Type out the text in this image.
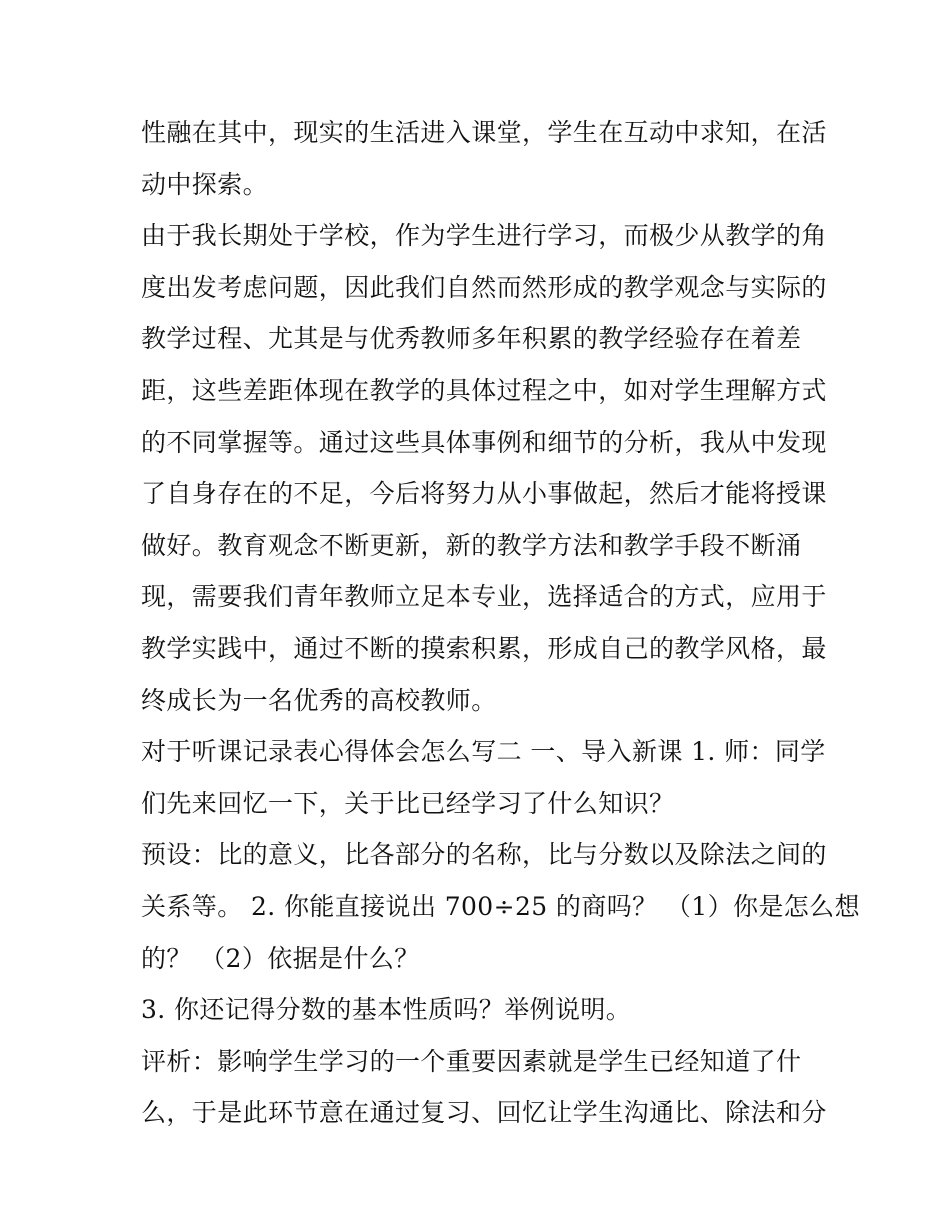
性融在其中，现实的生活进入课堂，学生在互动中求知，在活
动中探索。
由于我长期处于学校，作为学生进行学习，而极少从教学的角
度出发考虑问题，因此我们自然而然形成的教学观念与实际的
教学过程、尤其是与优秀教师多年积累的教学经验存在着差
距，这些差距体现在教学的具体过程之中，如对学生理解方式
的不同掌握等。通过这些具体事例和细节的分析，我从中发现
了自身存在的不足，今后将努力从小事做起，然后才能将授课
做好。教育观念不断更新，新的教学方法和教学手段不断涌
现，需要我们青年教师立足本专业，选择适合的方式，应用于
教学实践中，通过不断的摸索积累，形成自己的教学风格，最
终成长为一名优秀的高校教师。
对于听课记录表心得体会怎么写二 一、导入新课 1. 师：同学
们先来回忆一下，关于比已经学习了什么知识？
预设：比的意义，比各部分的名称，比与分数以及除法之间的
关系等。 2. 你能直接说出 700÷25 的商吗？ （1）你是怎么想
的？ （2）依据是什么？
3. 你还记得分数的基本性质吗？举例说明。
评析：影响学生学习的一个重要因素就是学生已经知道了什
么，于是此环节意在通过复习、回忆让学生沟通比、除法和分
